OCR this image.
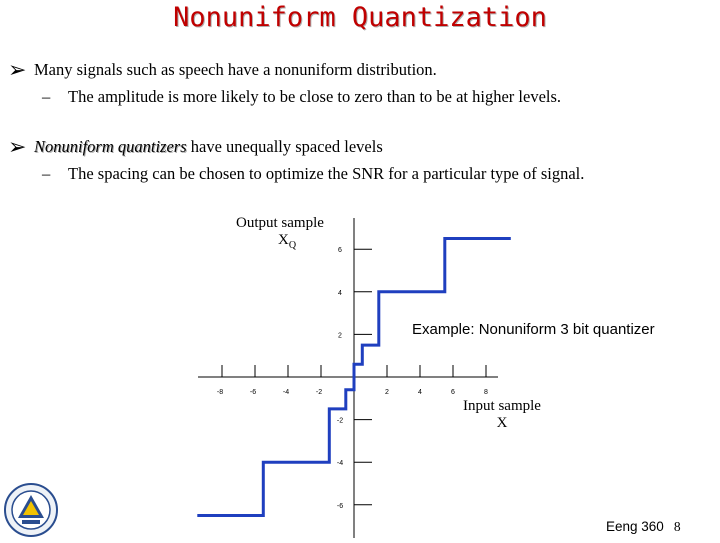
Nonuniform Quantization
➢ Many signals such as speech have a nonuniform distribution.
– The amplitude is more likely to be close to zero than to be at higher levels.
➢ Nonuniform quantizers have unequally spaced levels
– The spacing can be chosen to optimize the SNR for a particular type of signal.
-8	-6	-4	-2	2	4	6	8
6
4
2
-2
-4
-6
Output sample
$X_Q$
Input sample
X
Example: Nonuniform 3 bit quantizer
Eeng 360 8
